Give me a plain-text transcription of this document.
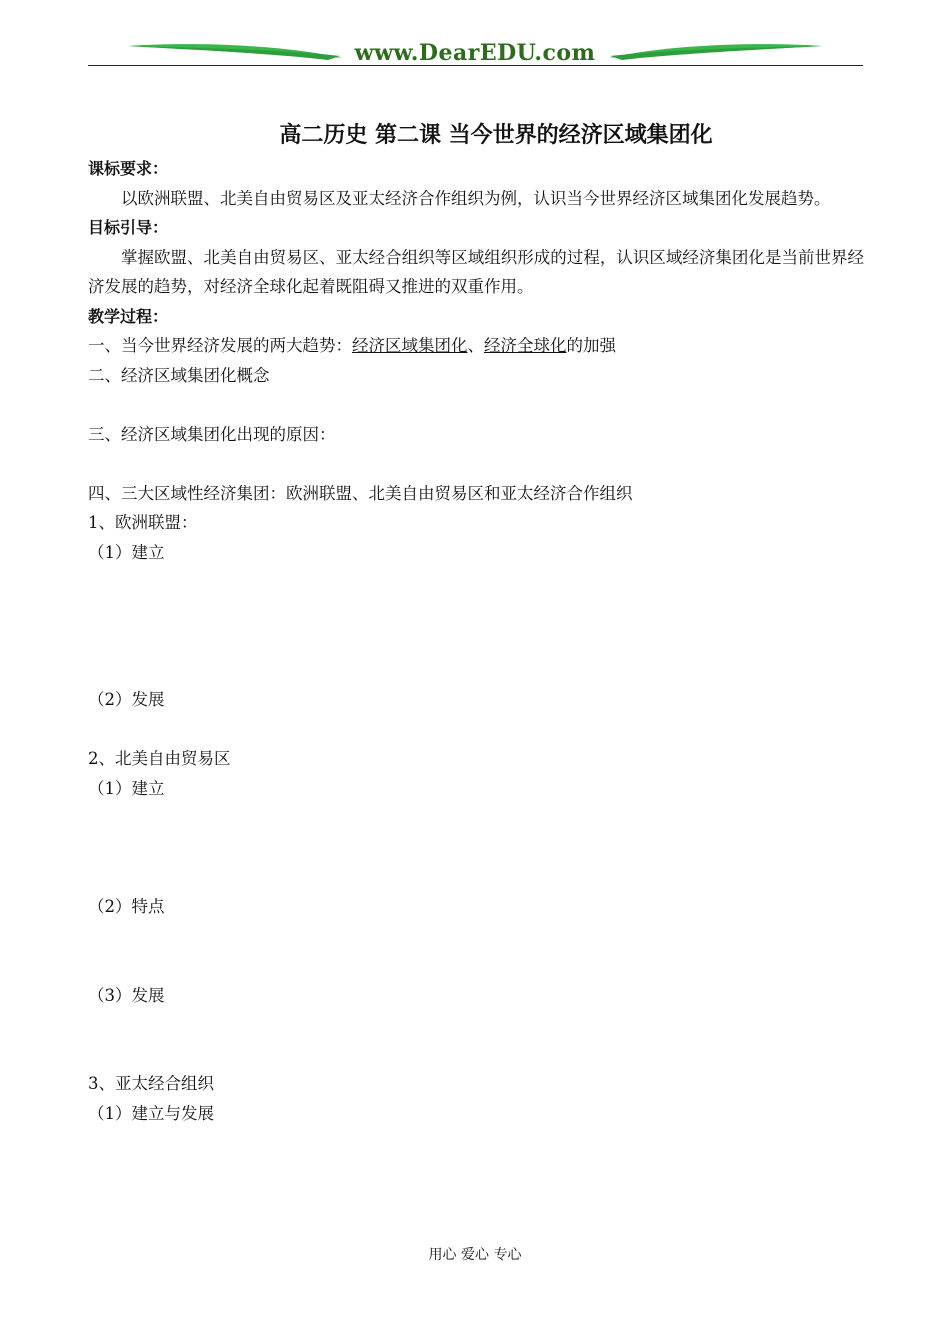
www.DearEDU.com
高二历史 第二课 当今世界的经济区域集团化
课标要求：

以欧洲联盟、北美自由贸易区及亚太经济合作组织为例，认识当今世界经济区域集团化发展趋势。

目标引导：

掌握欧盟、北美自由贸易区、亚太经合组织等区域组织形成的过程，认识区域经济集团化是当前世界经济发展的趋势，对经济全球化起着既阻碍又推进的双重作用。

教学过程：

一、当今世界经济发展的两大趋势：经济区域集团化、经济全球化的加强

二、经济区域集团化概念

三、经济区域集团化出现的原因：

四、三大区域性经济集团：欧洲联盟、北美自由贸易区和亚太经济合作组织

1、欧洲联盟：

（1）建立

（2）发展

2、北美自由贸易区

（1）建立

（2）特点

（3）发展

3、亚太经合组织

（1）建立与发展

用心 爱心 专心
